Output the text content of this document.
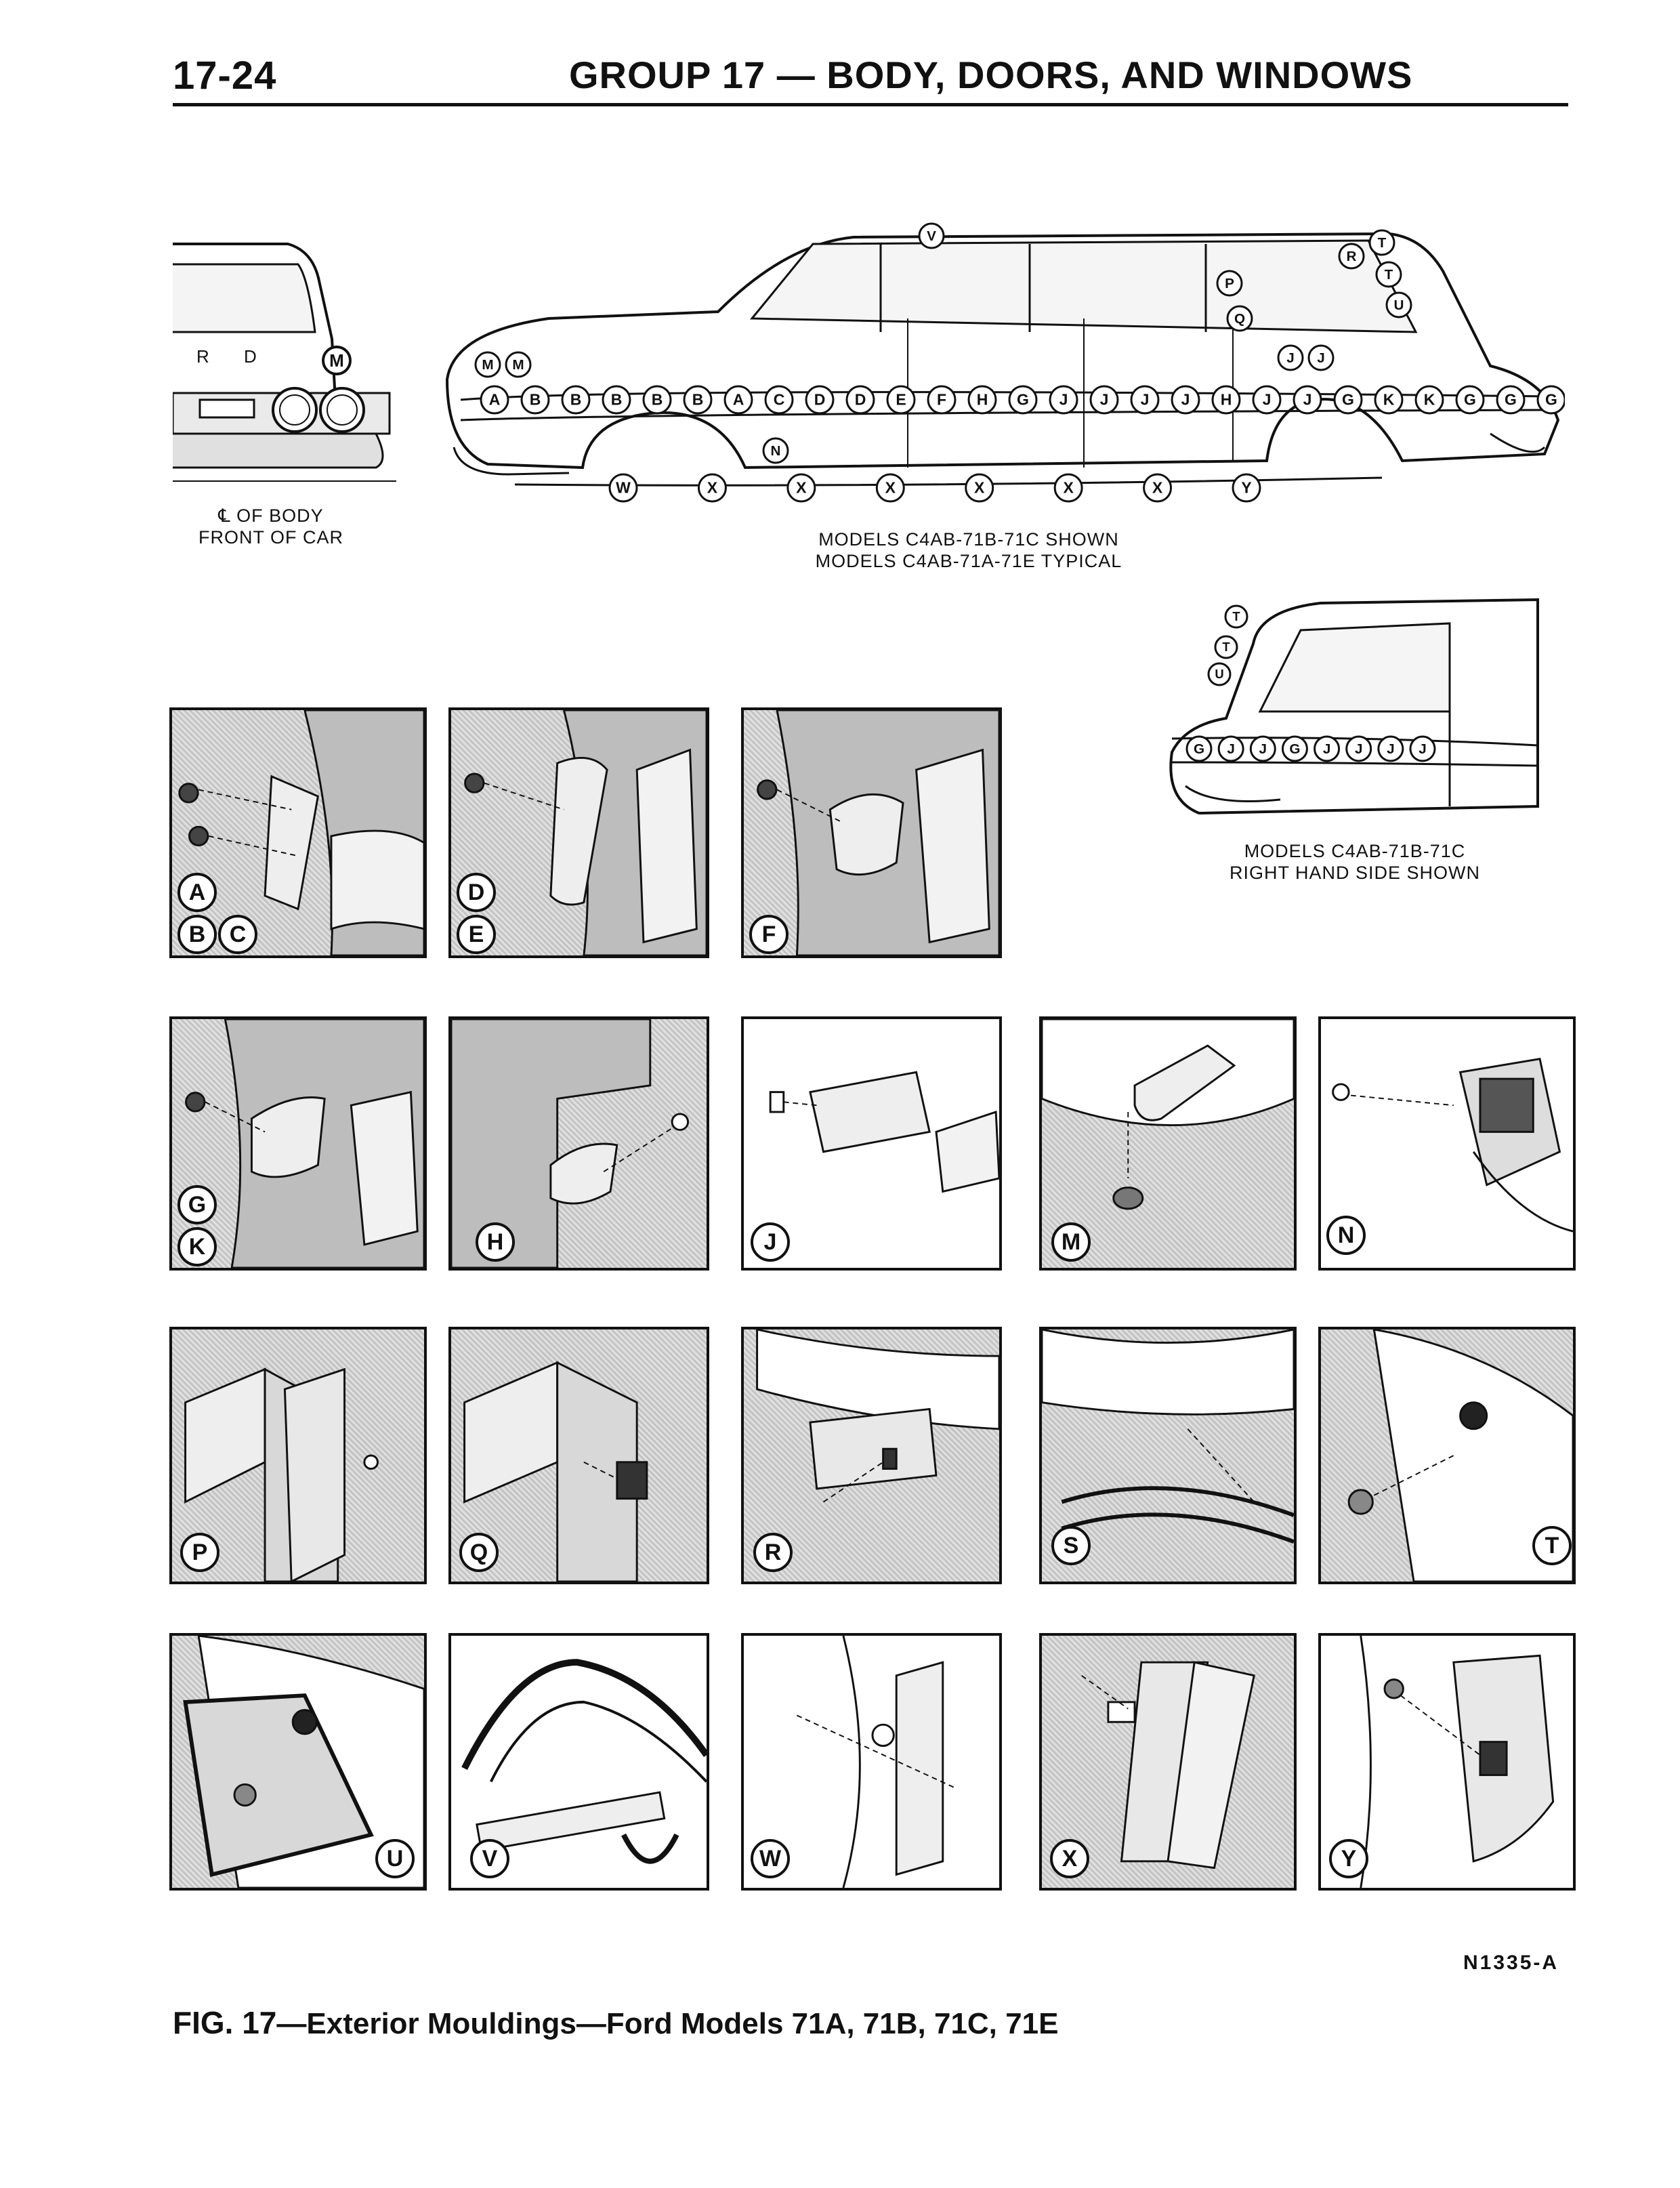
17-24	GROUP 17 — BODY, DOORS, AND WINDOWS
R D	M
℄ OF BODY
FRONT OF CAR
A B B B B B A C D D E F H G J J J J H J J G K K G G G
W	X	X	X	X	X	X	Y
V
R
T
T
U
P
Q
J J
M M
N
MODELS C4AB-71B-71C SHOWN
MODELS C4AB-71A-71E TYPICAL
G J J G J J J J
T
T
U
MODELS C4AB-71B-71C
RIGHT HAND SIDE SHOWN
A
B	C
D
E	F
G
K	H	J	M	N
P	Q	R	S	T
U	V	W	X	Y
N1335-A
FIG. 17—Exterior Mouldings—Ford Models 71A, 71B, 71C, 71E
